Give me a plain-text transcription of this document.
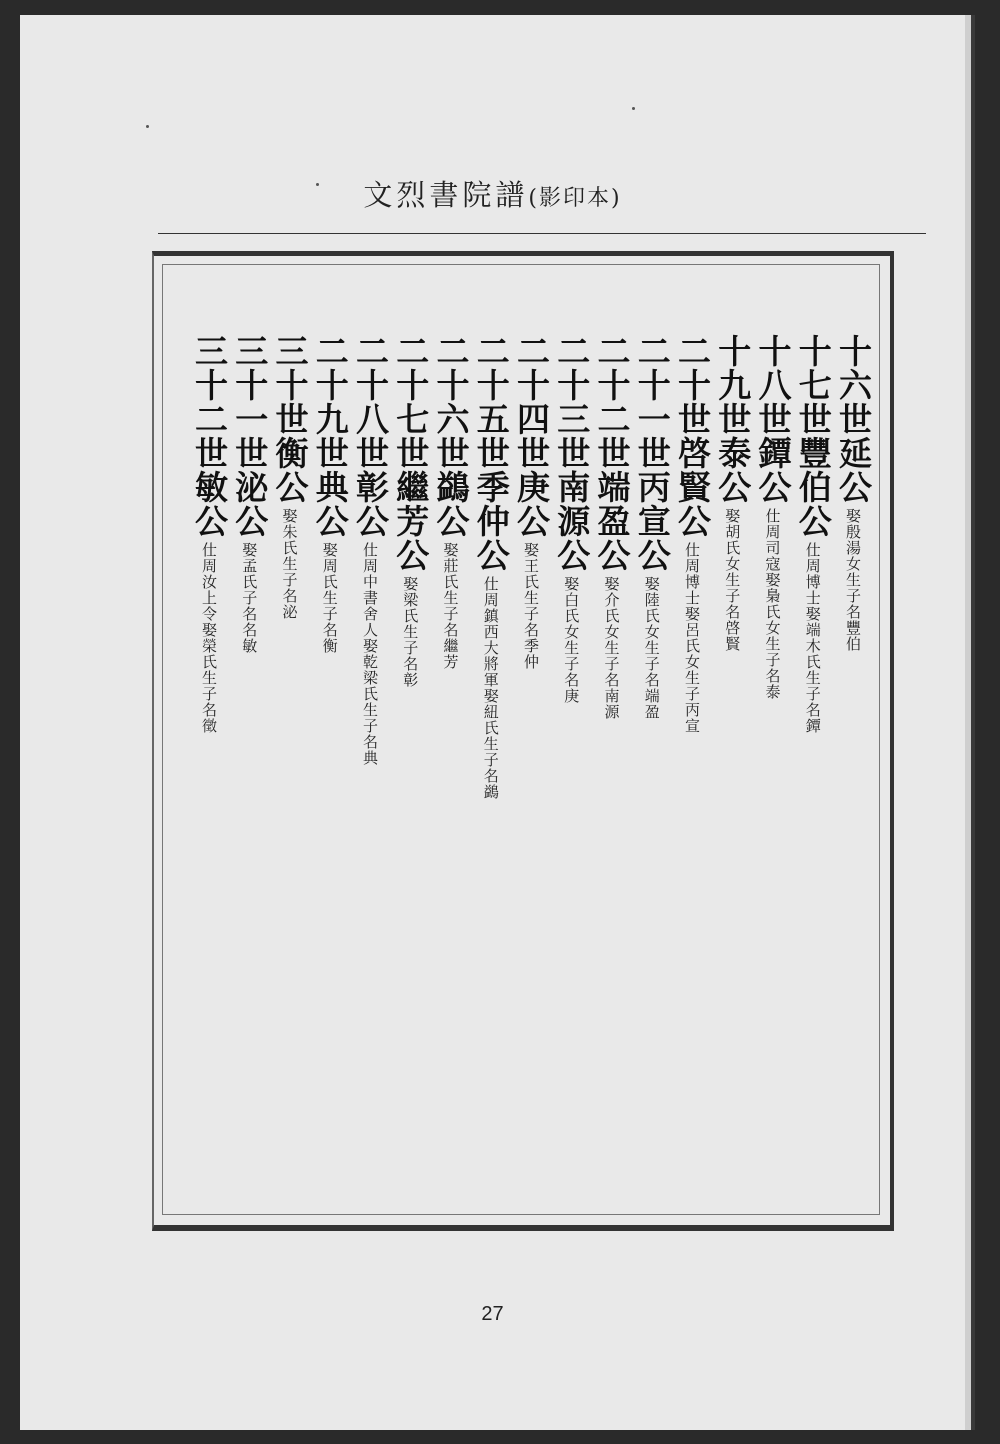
文烈書院譜(影印本)
十六世延公
娶殷湯女生子名豐伯
十七世豐伯公
仕周博士娶端木氏生子名鐔
十八世鐔公
仕周司寇娶梟氏女生子名泰
十九世泰公
娶胡氏女生子名啓賢
二十世啓賢公
仕周博士娶呂氏女生子丙宣
二十一世丙宣公
娶陸氏女生子名端盈
二十二世端盈公
娶介氏女生子名南源
二十三世南源公
娶白氏女生子名庚
二十四世庚公
娶王氏生子名季仲
二十五世季仲公
仕周鎮西大將軍娶紐氏生子名鷁
二十六世鷁公
娶莊氏生子名繼芳
二十七世繼芳公
娶梁氏生子名彰
二十八世彰公
仕周中書舍人娶乾梁氏生子名典
二十九世典公
娶周氏生子名衡
三十世衡公
娶朱氏生子名泌
三十一世泌公
娶孟氏子名名敏
三十二世敏公
仕周汝上令娶榮氏生子名徵
27
